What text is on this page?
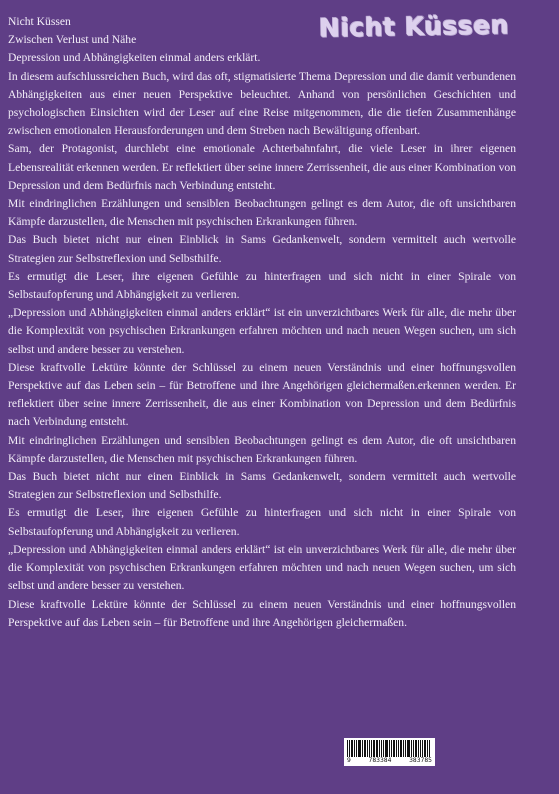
Nicht Küssen

Nicht Küssen

Zwischen Verlust und Nähe

Depression und Abhängigkeiten einmal anders erklärt.

In diesem aufschlussreichen Buch, wird das oft, stigmatisierte Thema Depression und die damit verbundenen Abhängigkeiten aus einer neuen Perspektive beleuchtet. Anhand von persönlichen Geschichten und psychologischen Einsichten wird der Leser auf eine Reise mitgenommen, die die tiefen Zusammenhänge zwischen emotionalen Herausforderungen und dem Streben nach Bewältigung offenbart.

Sam, der Protagonist, durchlebt eine emotionale Achterbahnfahrt, die viele Leser in ihrer eigenen Lebensrealität erkennen werden. Er reflektiert über seine innere Zerrissenheit, die aus einer Kombination von Depression und dem Bedürfnis nach Verbindung entsteht.

Mit eindringlichen Erzählungen und sensiblen Beobachtungen gelingt es dem Autor, die oft unsichtbaren Kämpfe darzustellen, die Menschen mit psychischen Erkrankungen führen.

Das Buch bietet nicht nur einen Einblick in Sams Gedankenwelt, sondern vermittelt auch wertvolle Strategien zur Selbstreflexion und Selbsthilfe.

Es ermutigt die Leser, ihre eigenen Gefühle zu hinterfragen und sich nicht in einer Spirale von Selbstaufopferung und Abhängigkeit zu verlieren.

„Depression und Abhängigkeiten einmal anders erklärt“ ist ein unverzichtbares Werk für alle, die mehr über die Komplexität von psychischen Erkrankungen erfahren möchten und nach neuen Wegen suchen, um sich selbst und andere besser zu verstehen.

Diese kraftvolle Lektüre könnte der Schlüssel zu einem neuen Verständnis und einer hoffnungsvollen Perspektive auf das Leben sein – für Betroffene und ihre Angehörigen gleichermaßen.erkennen werden. Er reflektiert über seine innere Zerrissenheit, die aus einer Kombination von Depression und dem Bedürfnis nach Verbindung entsteht.

Mit eindringlichen Erzählungen und sensiblen Beobachtungen gelingt es dem Autor, die oft unsichtbaren Kämpfe darzustellen, die Menschen mit psychischen Erkrankungen führen.

Das Buch bietet nicht nur einen Einblick in Sams Gedankenwelt, sondern vermittelt auch wertvolle Strategien zur Selbstreflexion und Selbsthilfe.

Es ermutigt die Leser, ihre eigenen Gefühle zu hinterfragen und sich nicht in einer Spirale von Selbstaufopferung und Abhängigkeit zu verlieren.

„Depression und Abhängigkeiten einmal anders erklärt“ ist ein unverzichtbares Werk für alle, die mehr über die Komplexität von psychischen Erkrankungen erfahren möchten und nach neuen Wegen suchen, um sich selbst und andere besser zu verstehen.

Diese kraftvolle Lektüre könnte der Schlüssel zu einem neuen Verständnis und einer hoffnungsvollen Perspektive auf das Leben sein – für Betroffene und ihre Angehörigen gleichermaßen.

9	783384	383785
